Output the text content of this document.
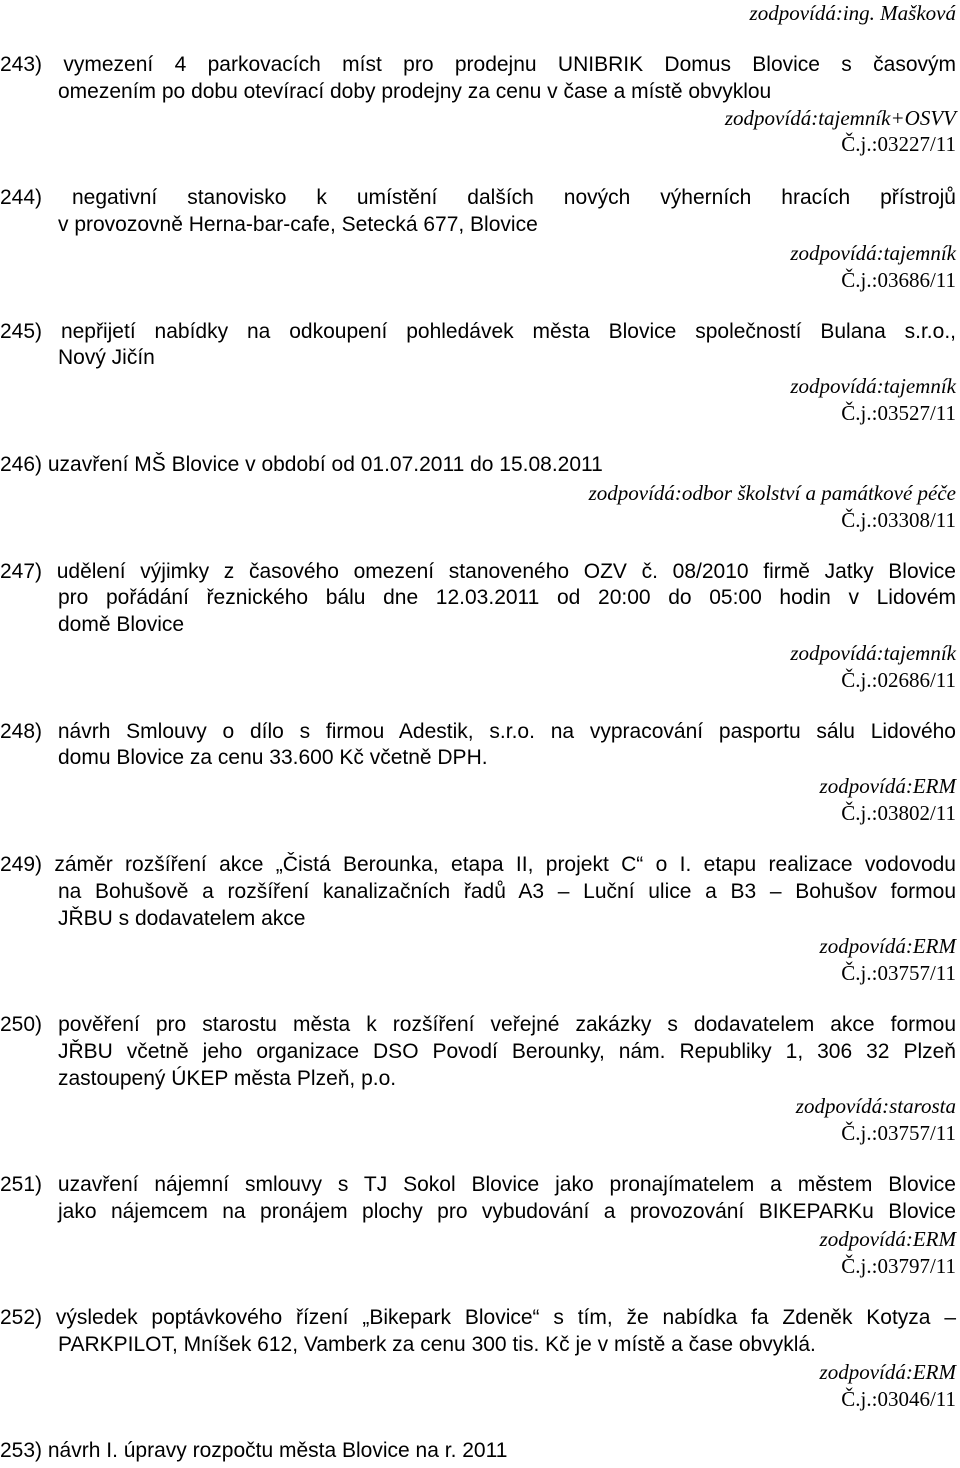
zodpovídá:ing. Mašková
243) vymezení 4 parkovacích míst pro prodejnu UNIBRIK Domus Blovice s časovým
omezením po dobu otevírací doby prodejny za cenu v čase a místě obvyklou
zodpovídá:tajemník+OSVV
Č.j.:03227/11
244) negativní stanovisko k umístění dalších nových výherních hracích přístrojů
v provozovně Herna-bar-cafe, Setecká 677, Blovice
zodpovídá:tajemník
Č.j.:03686/11
245) nepřijetí nabídky na odkoupení pohledávek města Blovice společností Bulana s.r.o.,
Nový Jičín
zodpovídá:tajemník
Č.j.:03527/11
246) uzavření MŠ Blovice v období od 01.07.2011 do 15.08.2011
zodpovídá:odbor školství a památkové péče
Č.j.:03308/11
247) udělení výjimky z časového omezení stanoveného OZV č. 08/2010 firmě Jatky Blovice
pro pořádání řeznického bálu dne 12.03.2011 od 20:00 do 05:00 hodin v Lidovém
domě Blovice
zodpovídá:tajemník
Č.j.:02686/11
248) návrh Smlouvy o dílo s firmou Adestik, s.r.o. na vypracování pasportu sálu Lidového
domu Blovice za cenu 33.600 Kč včetně DPH.
zodpovídá:ERM
Č.j.:03802/11
249) záměr rozšíření akce „Čistá Berounka, etapa II, projekt C“ o I. etapu realizace vodovodu
na Bohušově a rozšíření kanalizačních řadů A3 – Luční ulice a B3 – Bohušov formou
JŘBU s dodavatelem akce
zodpovídá:ERM
Č.j.:03757/11
250) pověření pro starostu města k rozšíření veřejné zakázky s dodavatelem akce formou
JŘBU včetně jeho organizace DSO Povodí Berounky, nám. Republiky 1, 306 32 Plzeň
zastoupený ÚKEP města Plzeň, p.o.
zodpovídá:starosta
Č.j.:03757/11
251) uzavření nájemní smlouvy s TJ Sokol Blovice jako pronajímatelem a městem Blovice
jako nájemcem na pronájem plochy pro vybudování a provozování BIKEPARKu Blovice
zodpovídá:ERM
Č.j.:03797/11
252) výsledek poptávkového řízení „Bikepark Blovice“ s tím, že nabídka fa Zdeněk Kotyza –
PARKPILOT, Mníšek 612, Vamberk za cenu 300 tis. Kč je v místě a čase obvyklá.
zodpovídá:ERM
Č.j.:03046/11
253) návrh I. úpravy rozpočtu města Blovice na r. 2011
